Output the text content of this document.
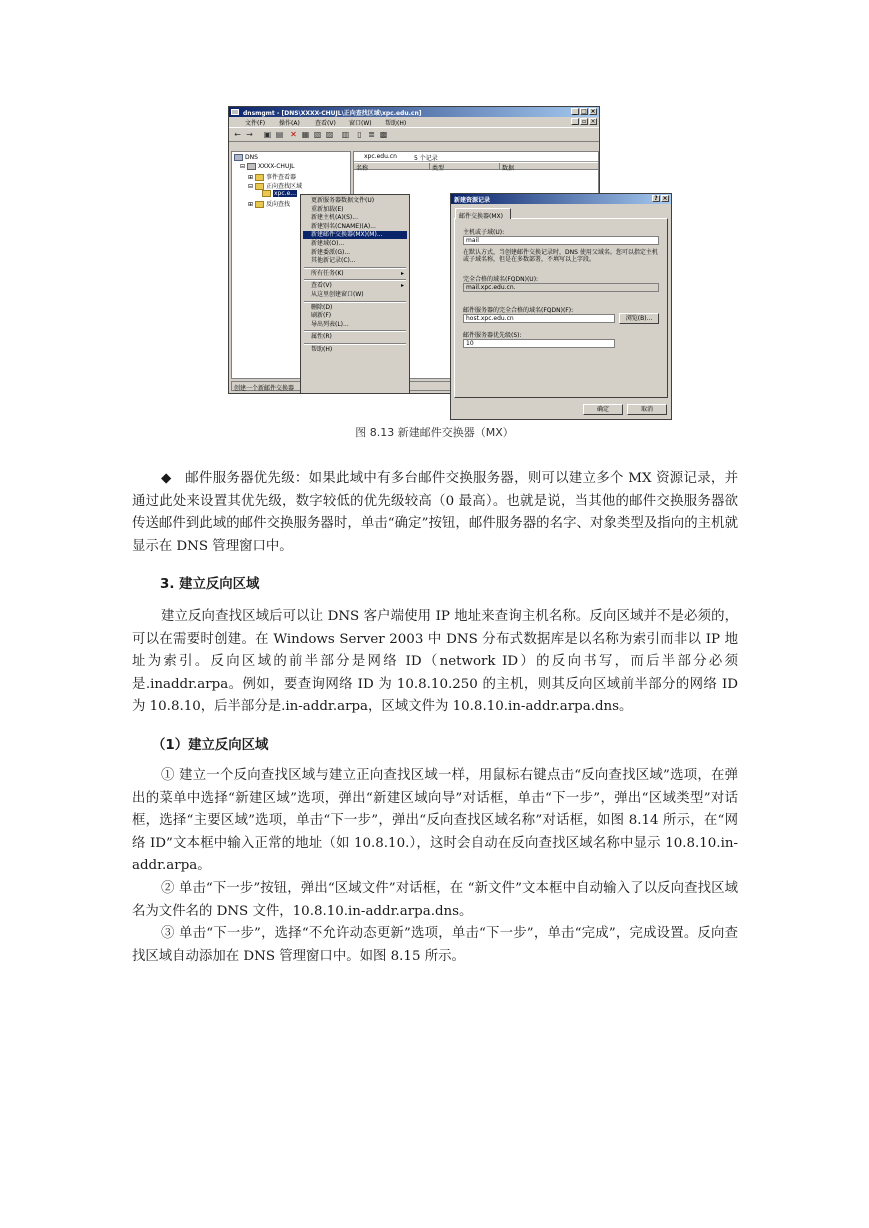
dnsmgmt - [DNS\XXXX-CHUJL\正向查找区域\xpc.edu.cn]	_ □ ×
文件(F) 操作(A)	查看(V) 窗口(W) 帮助(H)	_ ▫ ×
← → ▣ ▤ ✕ ▦ ▧ ▨ ▥ ▯ ≣ ▩
DNS
⊟ XXXX-CHUJL
⊞ 事件查看器
⊟ 正向查找区域
xpc.e...
⊞ 反向查找
xpc.edu.cn	5 个记录
名称	类型	数据
创建一个新邮件交换器
更新服务器数据文件(U)
重新加载(E)
新建主机(A)(S)...
新建别名(CNAME)(A)...
新建邮件交换器(MX)(M)...
新建域(O)...
新建委派(G)...
其他新记录(C)...
所有任务(K)	▸
查看(V)	▸
从这里创建窗口(W)
删除(D)
刷新(F)
导出列表(L)...
属性(R)
帮助(H)
新建资源记录	? ×
邮件交换器(MX)
主机或子域(U):
mail
在默认方式，当创建邮件交换记录时，DNS 使用父域名。您可以指定主机或子域名称，但是在多数部署，不填写以上字段。
完全合格的域名(FQDN)(U):
mail.xpc.edu.cn.
邮件服务器的完全合格的域名(FQDN)(F):
host.xpc.edu.cn	浏览(B)...
邮件服务器优先级(S):
10
确定	取消
图 8.13 新建邮件交换器（MX）

◆　邮件服务器优先级：如果此域中有多台邮件交换服务器，则可以建立多个 MX 资源记录，并通过此处来设置其优先级，数字较低的优先级较高（0 最高）。也就是说，当其他的邮件交换服务器欲传送邮件到此域的邮件交换服务器时，单击“确定”按钮，邮件服务器的名字、对象类型及指向的主机就显示在 DNS 管理窗口中。

3. 建立反向区域

建立反向查找区域后可以让 DNS 客户端使用 IP 地址来查询主机名称。反向区域并不是必须的，可以在需要时创建。在 Windows Server 2003 中 DNS 分布式数据库是以名称为索引而非以 IP 地址为索引。反向区域的前半部分是网络 ID（network ID）的反向书写，而后半部分必须是.inaddr.arpa。例如，要查询网络 ID 为 10.8.10.250 的主机，则其反向区域前半部分的网络 ID 为 10.8.10，后半部分是.in-addr.arpa，区域文件为 10.8.10.in-addr.arpa.dns。

（1）建立反向区域

① 建立一个反向查找区域与建立正向查找区域一样，用鼠标右键点击“反向查找区域”选项，在弹出的菜单中选择“新建区域”选项，弹出“新建区域向导”对话框，单击“下一步”，弹出“区域类型”对话框，选择“主要区域”选项，单击“下一步”，弹出“反向查找区域名称”对话框，如图 8.14 所示，在“网络 ID”文本框中输入正常的地址（如 10.8.10.），这时会自动在反向查找区域名称中显示 10.8.10.in-addr.arpa。

② 单击“下一步”按钮，弹出“区域文件”对话框，在 “新文件”文本框中自动输入了以反向查找区域名为文件名的 DNS 文件，10.8.10.in-addr.arpa.dns。

③ 单击“下一步”，选择“不允许动态更新”选项，单击“下一步”，单击“完成”，完成设置。反向查找区域自动添加在 DNS 管理窗口中。如图 8.15 所示。
